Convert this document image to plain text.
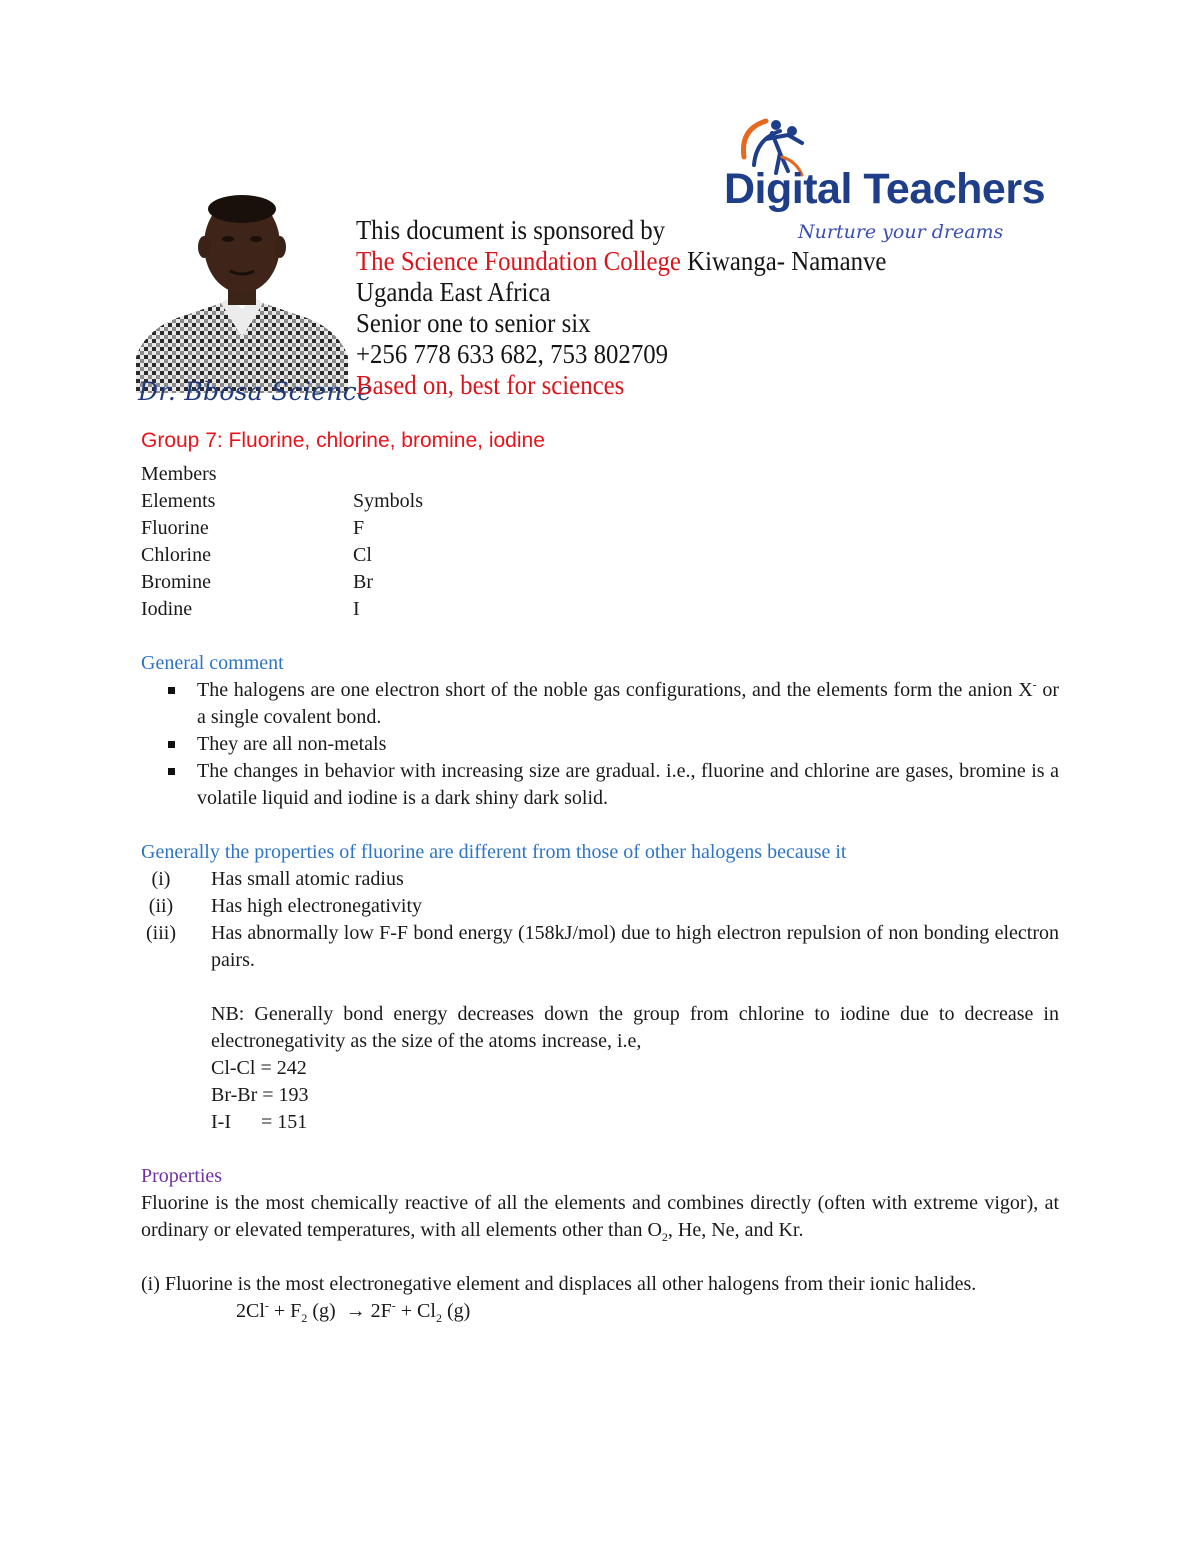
Dr. Bbosa Science
Digital Teachers
Nurture your dreams
This document is sponsored by
The Science Foundation College Kiwanga- Namanve
Uganda East Africa
Senior one to senior six
+256 778 633 682, 753 802709
Based on, best for sciences
Group 7: Fluorine, chlorine, bromine, iodine
Members
Elements	Symbols
Fluorine	F
Chlorine	Cl
Bromine	Br
Iodine	I
General comment
The halogens are one electron short of the noble gas configurations, and the elements form the anion X- or a single covalent bond.
They are all non-metals
The changes in behavior with increasing size are gradual. i.e., fluorine and chlorine are gases, bromine is a volatile liquid and iodine is a dark shiny dark solid.
Generally the properties of fluorine are different from those of other halogens because it
(i)	Has small atomic radius
(ii)	Has high electronegativity
(iii) Has abnormally low F-F bond energy (158kJ/mol) due to high electron repulsion of non bonding electron pairs.
NB: Generally bond energy decreases down the group from chlorine to iodine due to decrease in electronegativity as the size of the atoms increase, i.e,
Cl-Cl = 242
Br-Br = 193
I-I      = 151
Properties
Fluorine is the most chemically reactive of all the elements and combines directly (often with extreme vigor), at ordinary or elevated temperatures, with all elements other than $O_2$, He, Ne, and Kr.
(i) Fluorine is the most electronegative element and displaces all other halogens from their ionic halides.
$2Cl^- + F_2$ $(g) \to 2F^- + Cl_2$ (g)
